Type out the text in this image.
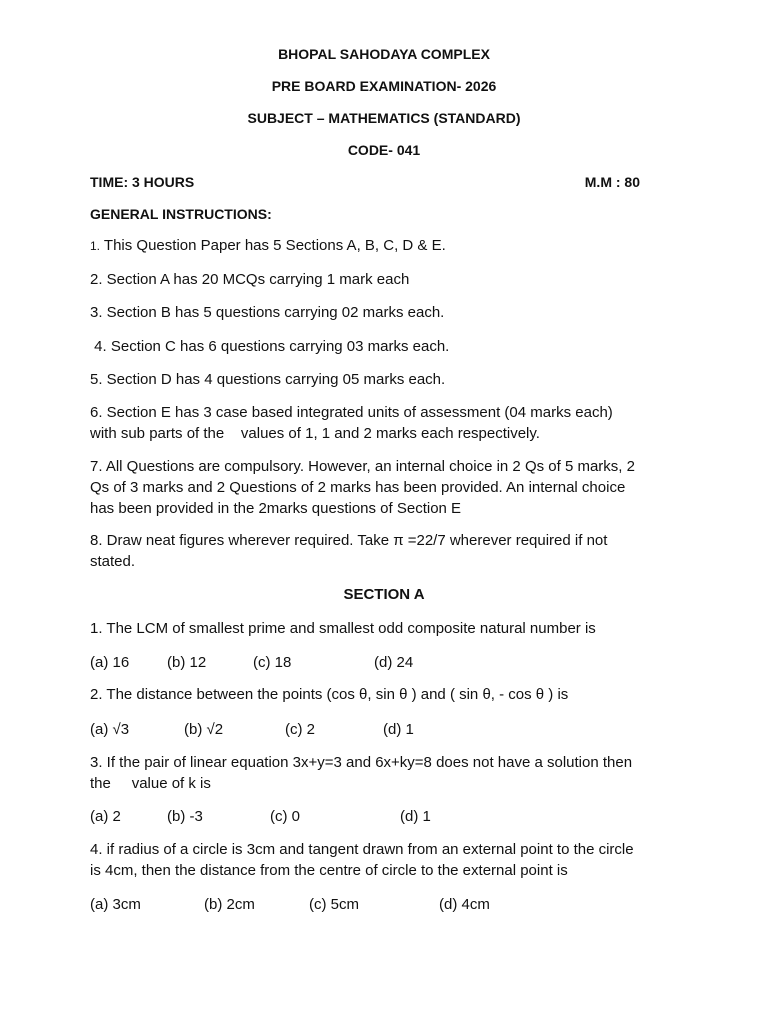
BHOPAL SAHODAYA COMPLEX
PRE BOARD EXAMINATION- 2026
SUBJECT – MATHEMATICS (STANDARD)
CODE- 041
TIME: 3 HOURS	M.M : 80
GENERAL INSTRUCTIONS:
1. This Question Paper has 5 Sections A, B, C, D & E.
2. Section A has 20 MCQs carrying 1 mark each
3. Section B has 5 questions carrying 02 marks each.
4. Section C has 6 questions carrying 03 marks each.
5. Section D has 4 questions carrying 05 marks each.
6. Section E has 3 case based integrated units of assessment (04 marks each)
with sub parts of the    values of 1, 1 and 2 marks each respectively.
7. All Questions are compulsory. However, an internal choice in 2 Qs of 5 marks, 2
Qs of 3 marks and 2 Questions of 2 marks has been provided. An internal choice
has been provided in the 2marks questions of Section E
8. Draw neat figures wherever required. Take π =22/7 wherever required if not
stated.
SECTION A
1. The LCM of smallest prime and smallest odd composite natural number is
(a) 16	(b) 12	(c) 18	(d) 24
2. The distance between the points (cos θ, sin θ ) and ( sin θ, - cos θ ) is
(a) √3	(b) √2	(c) 2	(d) 1
3. If the pair of linear equation 3x+y=3 and 6x+ky=8 does not have a solution then
the     value of k is
(a) 2	(b) -3	(c) 0	(d) 1
4. if radius of a circle is 3cm and tangent drawn from an external point to the circle
is 4cm, then the distance from the centre of circle to the external point is
(a) 3cm	(b) 2cm	(c) 5cm	(d) 4cm
